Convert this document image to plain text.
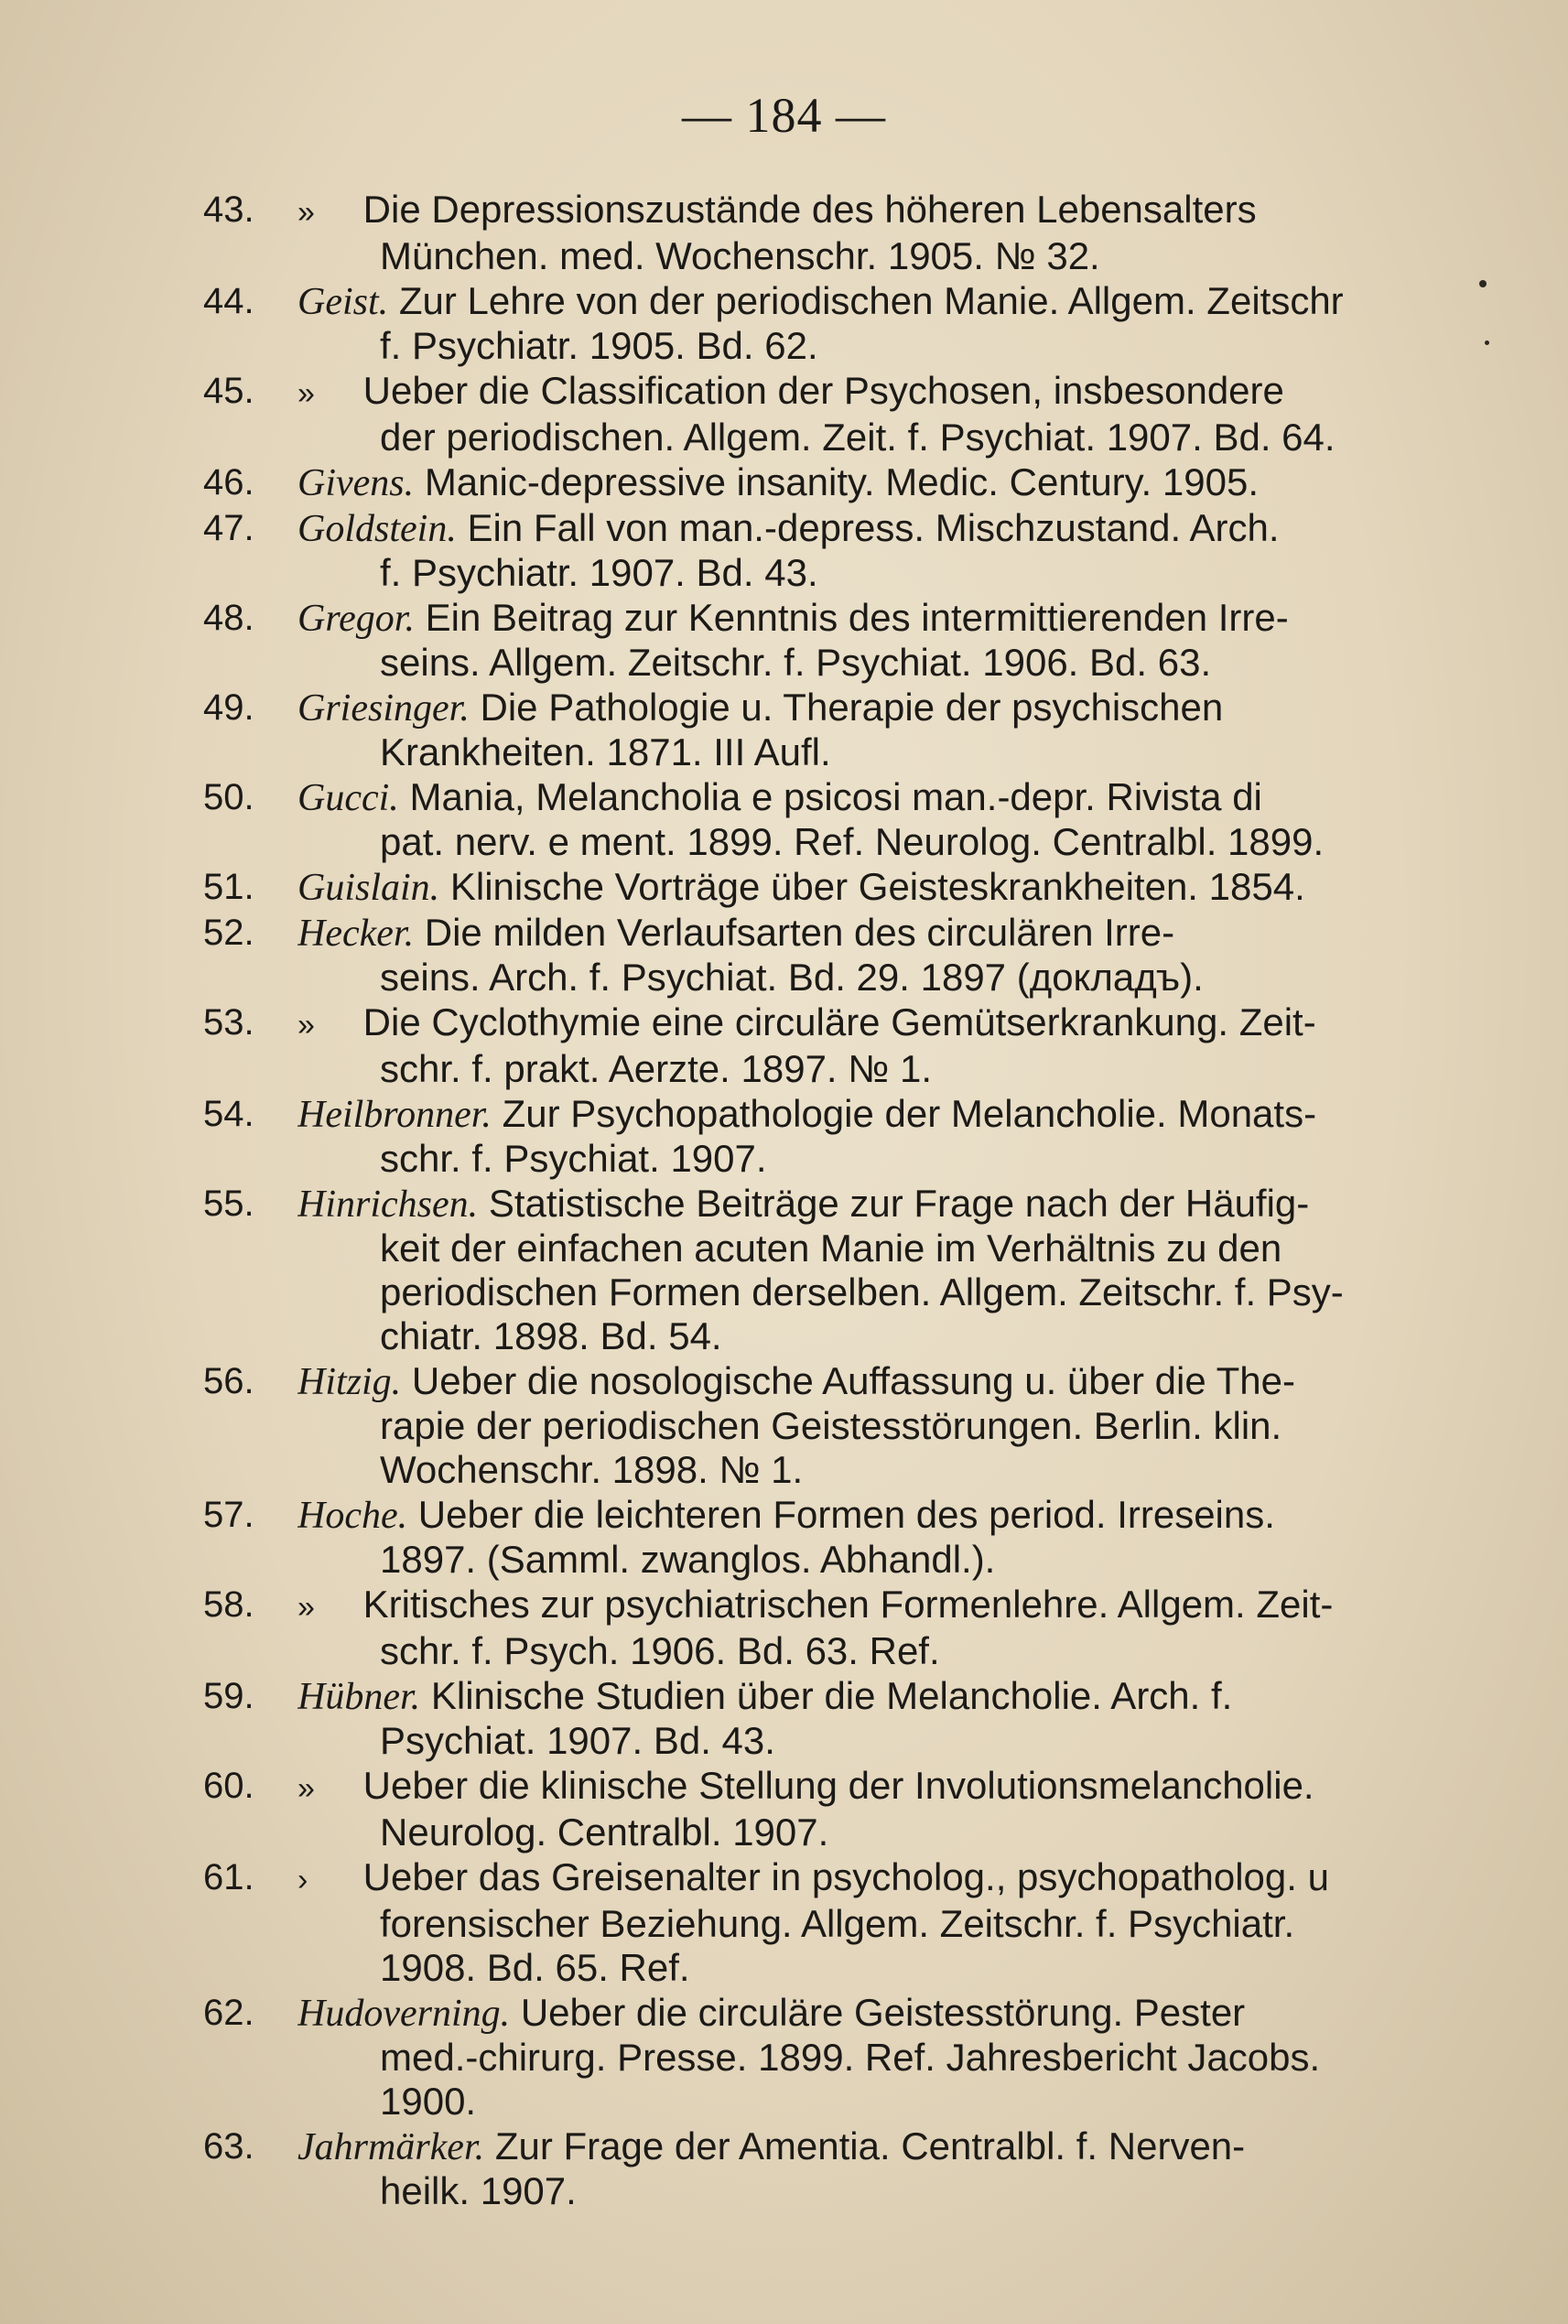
— 184 —
43. » Die Depressionszustände des höheren Lebensalters
München. med. Wochenschr. 1905. № 32.
44. Geist. Zur Lehre von der periodischen Manie. Allgem. Zeitschr
f. Psychiatr. 1905. Bd. 62.
45. » Ueber die Classification der Psychosen, insbesondere
der periodischen. Allgem. Zeit. f. Psychiat. 1907. Bd. 64.
46. Givens. Manic-depressive insanity. Medic. Century. 1905.
47. Goldstein. Ein Fall von man.-depress. Mischzustand. Arch.
f. Psychiatr. 1907. Bd. 43.
48. Gregor. Ein Beitrag zur Kenntnis des intermittierenden Irre-
seins. Allgem. Zeitschr. f. Psychiat. 1906. Bd. 63.
49. Griesinger. Die Pathologie u. Therapie der psychischen
Krankheiten. 1871. III Aufl.
50. Gucci. Mania, Melancholia e psicosi man.-depr. Rivista di
pat. nerv. e ment. 1899. Ref. Neurolog. Centralbl. 1899.
51. Guislain. Klinische Vorträge über Geisteskrankheiten. 1854.
52. Hecker. Die milden Verlaufsarten des circulären Irre-
seins. Arch. f. Psychiat. Bd. 29. 1897 (докладъ).
53. » Die Cyclothymie eine circuläre Gemütserkrankung. Zeit-
schr. f. prakt. Aerzte. 1897. № 1.
54. Heilbronner. Zur Psychopathologie der Melancholie. Monats-
schr. f. Psychiat. 1907.
55. Hinrichsen. Statistische Beiträge zur Frage nach der Häufig-
keit der einfachen acuten Manie im Verhältnis zu den
periodischen Formen derselben. Allgem. Zeitschr. f. Psy-
chiatr. 1898. Bd. 54.
56. Hitzig. Ueber die nosologische Auffassung u. über die The-
rapie der periodischen Geistesstörungen. Berlin. klin.
Wochenschr. 1898. № 1.
57. Hoche. Ueber die leichteren Formen des period. Irreseins.
1897. (Samml. zwanglos. Abhandl.).
58. » Kritisches zur psychiatrischen Formenlehre. Allgem. Zeit-
schr. f. Psych. 1906. Bd. 63. Ref.
59. Hübner. Klinische Studien über die Melancholie. Arch. f.
Psychiat. 1907. Bd. 43.
60. » Ueber die klinische Stellung der Involutionsmelancholie.
Neurolog. Centralbl. 1907.
61. › Ueber das Greisenalter in psycholog., psychopatholog. u
forensischer Beziehung. Allgem. Zeitschr. f. Psychiatr.
1908. Bd. 65. Ref.
62. Hudoverning. Ueber die circuläre Geistesstörung. Pester
med.-chirurg. Presse. 1899. Ref. Jahresbericht Jacobs.
1900.
63. Jahrmärker. Zur Frage der Amentia. Centralbl. f. Nerven-
heilk. 1907.
